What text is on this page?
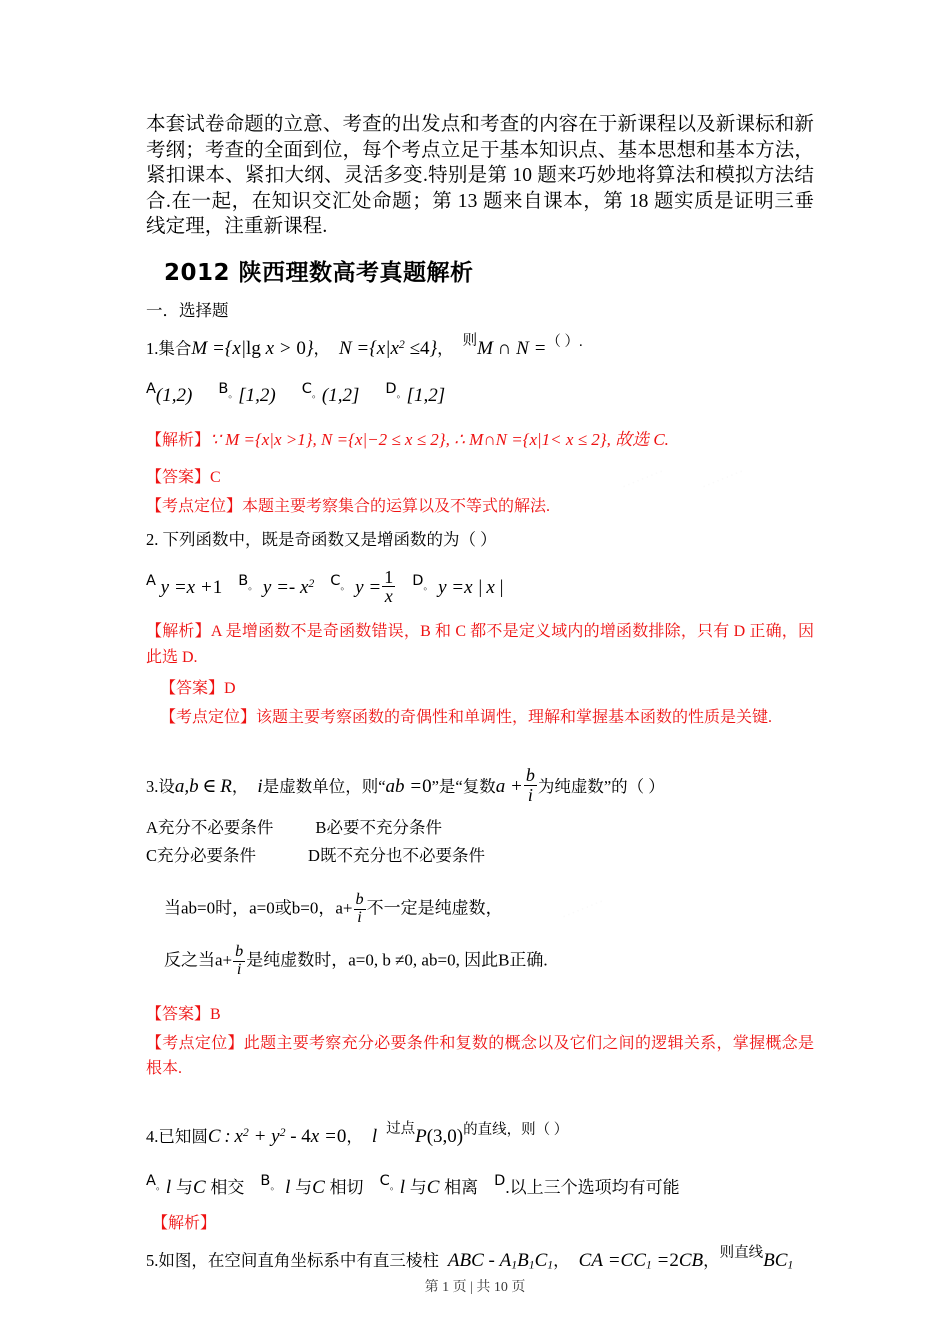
本套试卷命题的立意、考查的出发点和考查的内容在于新课程以及新课标和新考纲；考查的全面到位，每个考点立足于基本知识点、基本思想和基本方法，紧扣课本、紧扣大纲、灵活多变.特别是第 10 题来巧妙地将算法和模拟方法结合.在一起，在知识交汇处命题；第 13 题来自课本，第 18 题实质是证明三垂线定理，注重新课程.
2012 陕西理数高考真题解析
一．选择题
1.集合M ={x|lg x > 0}， $N =\{x|x^2 \le 4\}$， 则M ∩ N =（ ）.
A(1,2) B。[1,2) C。(1,2] D。[1,2]
【解析】∵ M ={x|x >1}, N ={x|−2 ≤ x ≤ 2}, ∴ M∩N ={x|1< x ≤ 2}, 故选 C.
【答案】C
【考点定位】本题主要考察集合的运算以及不等式的解法.
2. 下列函数中，既是奇函数又是增函数的为（ ）
A y =x +1 B。 $y =- x^2$ C。 $y = \frac{1}{x} D^。$ y =x | x |
【解析】A 是增函数不是奇函数错误，B 和 C 都不是定义域内的增函数排除，只有 D 正确，因此选 D.
【答案】D
【考点定位】该题主要考察函数的奇偶性和单调性，理解和掌握基本函数的性质是关键.
3.设a,b ∈ R， i是虚数单位，则“ab =0”是“复数$a + \frac{b}{i}$ 为纯虚数”的（ ）
A充分不必要条件	B必要不充分条件
C充分必要条件	D既不充分也不必要条件
当ab=0时，a=0或b=0，$a+ \frac{b}{i}$ 不一定是纯虚数，
反之当$a+ \frac{b}{i}$ 是纯虚数时，a=0, b ≠0, ab=0, 因此B正确.
【答案】B
【考点定位】此题主要考察充分必要条件和复数的概念以及它们之间的逻辑关系，掌握概念是根本.
4.已知圆C : $x^2 + y^2 - 4x =0$， l 过点P(3,0)的直线，则（ ）
A。l 与C 相交 B。 l 与C 相切 C。l 与C 相离 D.以上三个选项均有可能
【解析】
5.如图，在空间直角坐标系中有直三棱柱 ABC - $A_1B_1C_1$， CA $=CC_1 =2CB$，则直线$BC_1$
第 1 页 | 共 10 页
